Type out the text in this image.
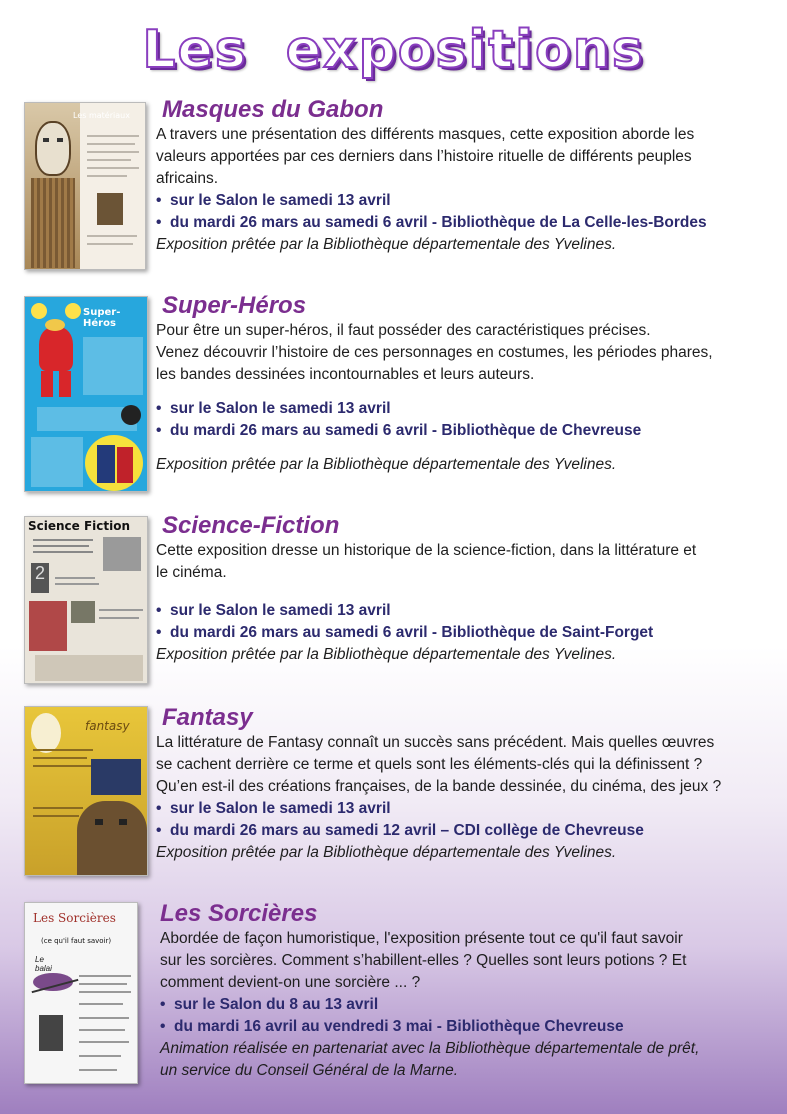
Les expositions
Les matériaux Masques du Gabon
A travers une présentation des différents masques, cette exposition aborde les
valeurs apportées par ces derniers dans l’histoire rituelle de différents peuples
africains.
• sur le Salon le samedi 13 avril
• du mardi 26 mars au samedi 6 avril - Bibliothèque de La Celle-les-Bordes
Exposition prêtée par la Bibliothèque départementale des Yvelines.
Super-Héros
Super-Héros
Pour être un super-héros, il faut posséder des caractéristiques précises.
Venez découvrir l’histoire de ces personnages en costumes, les périodes phares,
les bandes dessinées incontournables et leurs auteurs.
• sur le Salon le samedi 13 avril
• du mardi 26 mars au samedi 6 avril - Bibliothèque de Chevreuse
Exposition prêtée par la Bibliothèque départementale des Yvelines.
Science Fiction
2
Science-Fiction
Cette exposition dresse un historique de la science-fiction, dans la littérature et
le cinéma.
• sur le Salon le samedi 13 avril
• du mardi 26 mars au samedi 6 avril - Bibliothèque de Saint-Forget
Exposition prêtée par la Bibliothèque départementale des Yvelines.
fantasy Fantasy
La littérature de Fantasy connaît un succès sans précédent. Mais quelles œuvres
se cachent derrière ce terme et quels sont les éléments-clés qui la définissent ?
Qu’en est-il des créations françaises, de la bande dessinée, du cinéma, des jeux ?
• sur le Salon le samedi 13 avril
• du mardi 26 mars au samedi 12 avril – CDI collège de Chevreuse
Exposition prêtée par la Bibliothèque départementale des Yvelines.
Les Sorcières
(ce qu'il faut savoir)
Le balai
Les Sorcières
Abordée de façon humoristique, l'exposition présente tout ce qu'il faut savoir
sur les sorcières. Comment s’habillent-elles ? Quelles sont leurs potions ? Et
comment devient-on une sorcière ... ?
• sur le Salon du 8 au 13 avril
• du mardi 16 avril au vendredi 3 mai - Bibliothèque Chevreuse
Animation réalisée en partenariat avec la Bibliothèque départementale de prêt,
un service du Conseil Général de la Marne.
